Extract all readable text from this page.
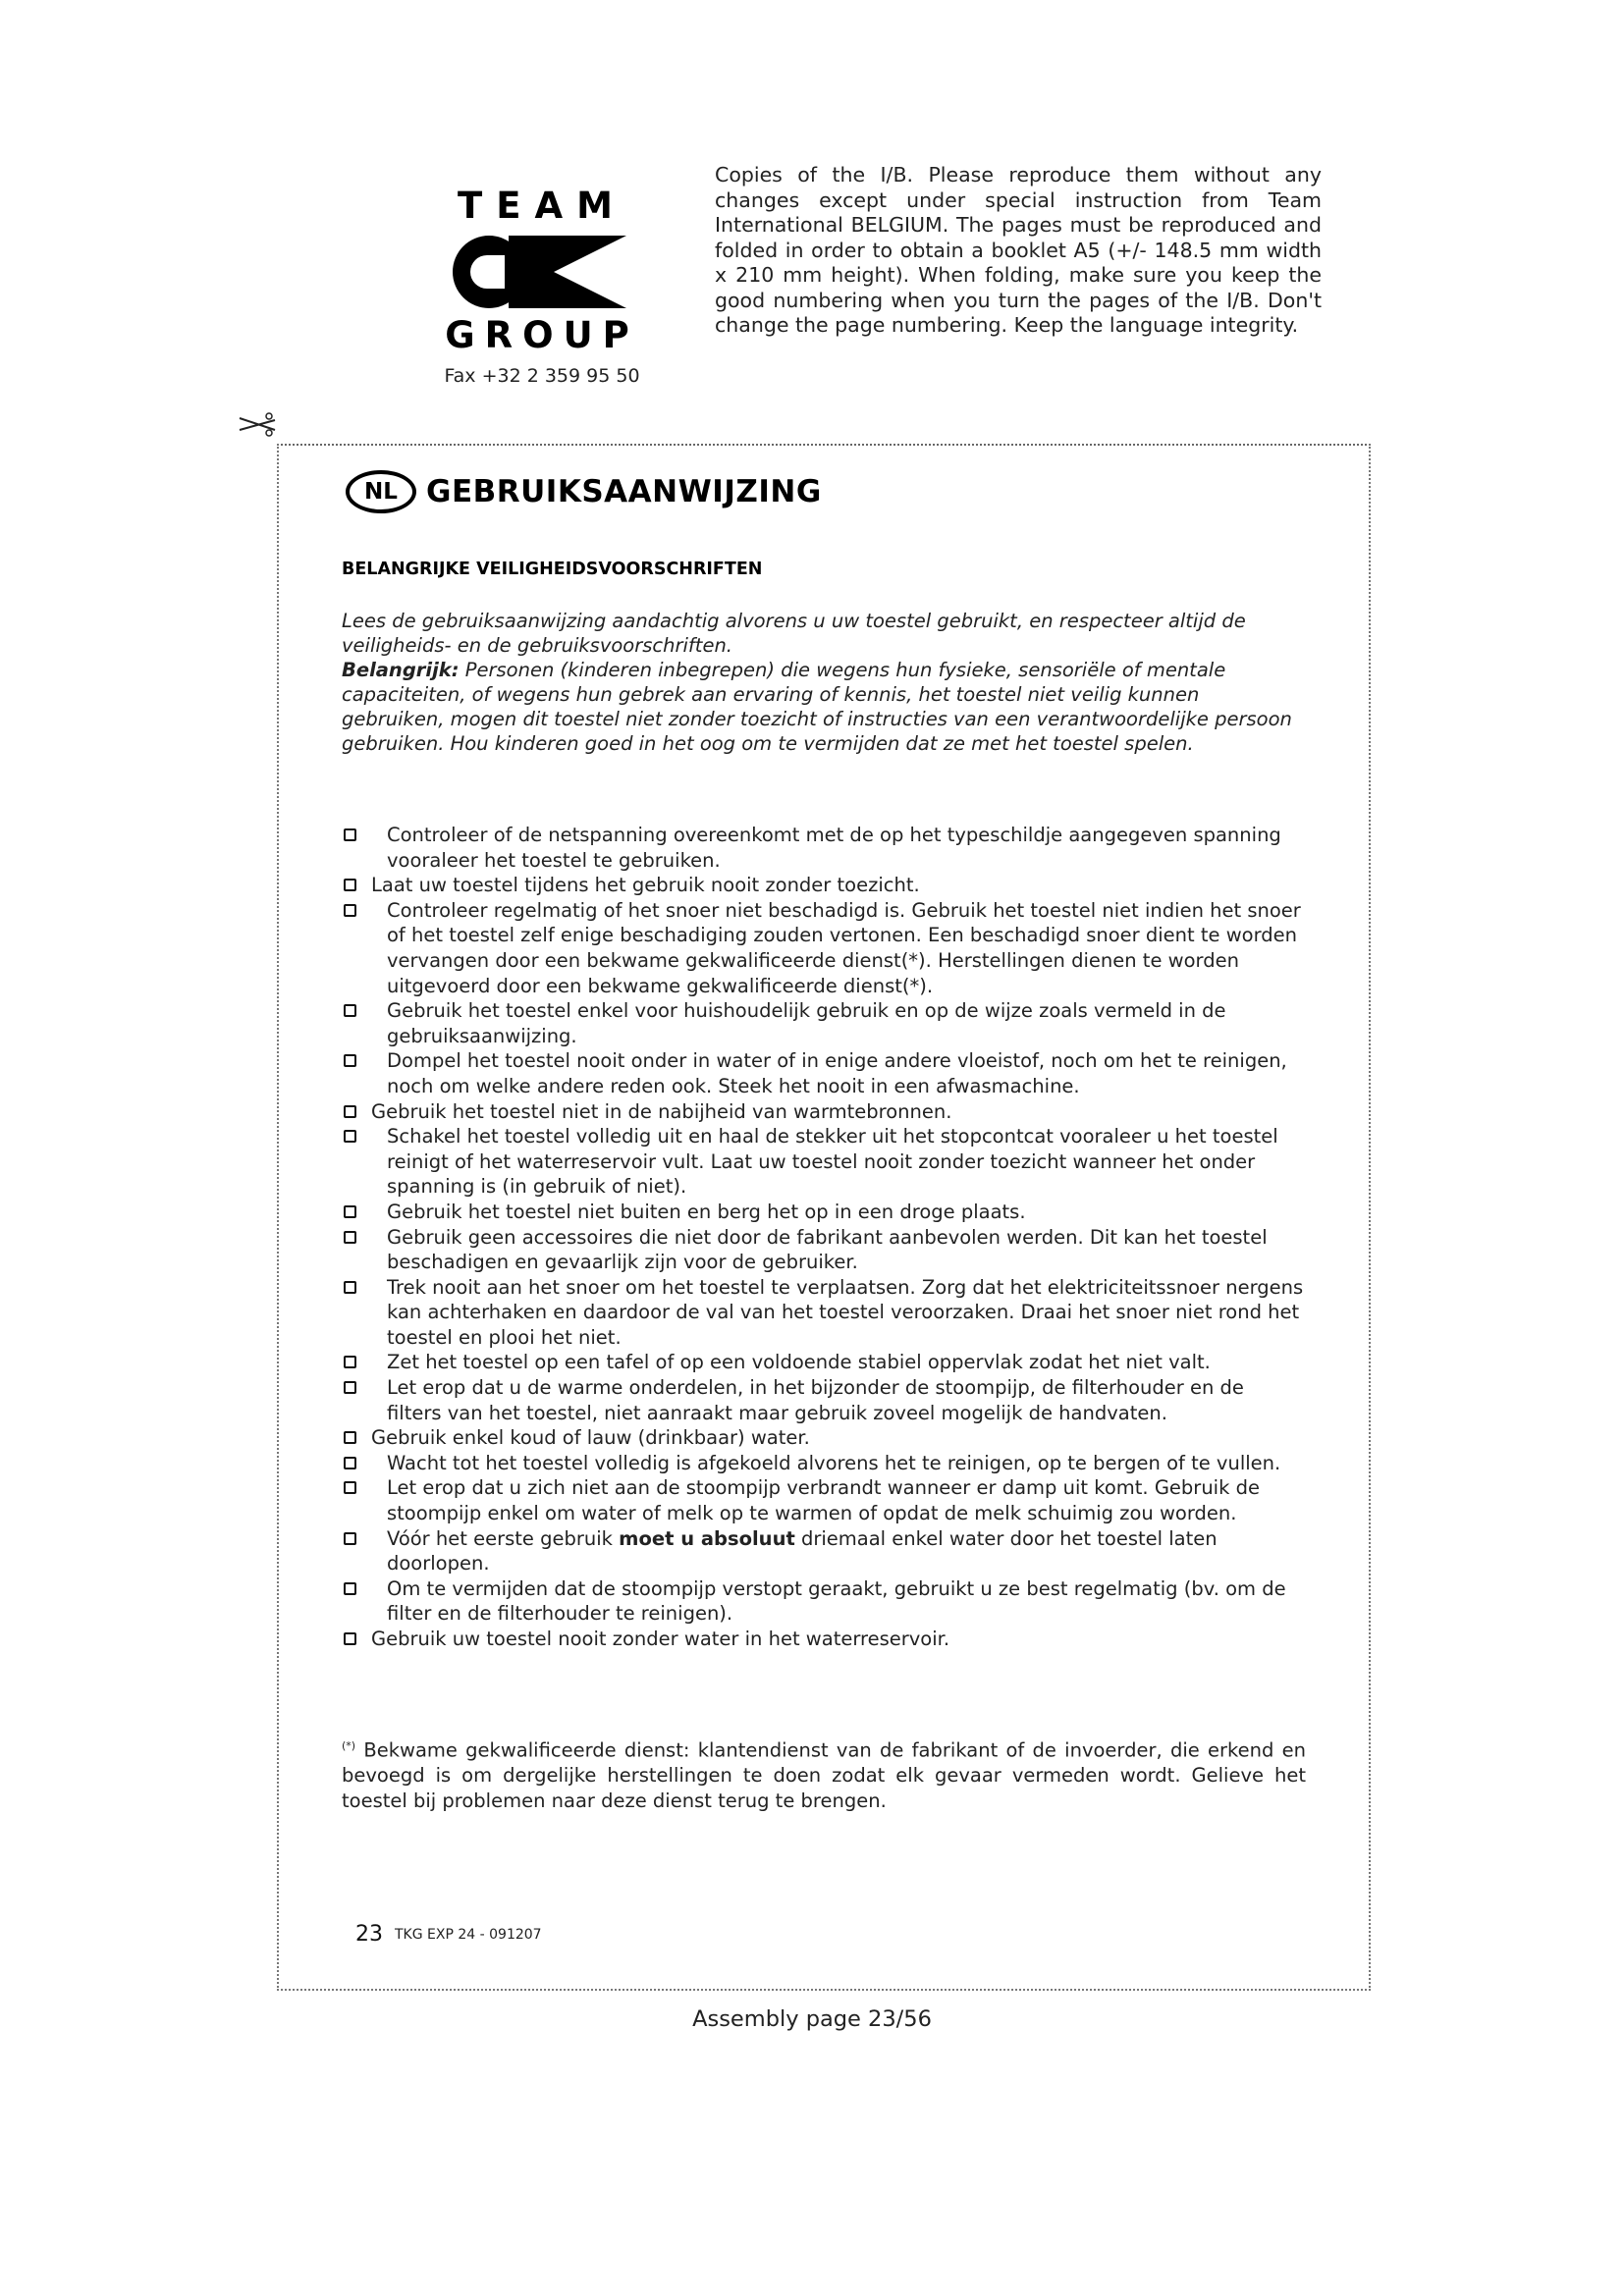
TEAM
GROUP
Fax +32 2 359 95 50
Copies of the I/B. Please reproduce them without any changes except under special instruction from Team International BELGIUM. The pages must be reproduced and folded in order to obtain a booklet A5 (+/- 148.5 mm width x 210 mm height). When folding, make sure you keep the good numbering when you turn the pages of the I/B. Don't change the page numbering. Keep the language integrity.
NL GEBRUIKSAANWIJZING
BELANGRIJKE VEILIGHEIDSVOORSCHRIFTEN
Lees de gebruiksaanwijzing aandachtig alvorens u uw toestel gebruikt, en respecteer altijd de veiligheids- en de gebruiksvoorschriften.
Belangrijk: Personen (kinderen inbegrepen) die wegens hun fysieke, sensoriële of mentale capaciteiten, of wegens hun gebrek aan ervaring of kennis, het toestel niet veilig kunnen gebruiken, mogen dit toestel niet zonder toezicht of instructies van een verantwoordelijke persoon gebruiken. Hou kinderen goed in het oog om te vermijden dat ze met het toestel spelen.
Controleer of de netspanning overeenkomt met de op het typeschildje aangegeven spanning vooraleer het toestel te gebruiken.
Laat uw toestel tijdens het gebruik nooit zonder toezicht.
Controleer regelmatig of het snoer niet beschadigd is. Gebruik het toestel niet indien het snoer of het toestel zelf enige beschadiging zouden vertonen. Een beschadigd snoer dient te worden vervangen door een bekwame gekwalificeerde dienst(*). Herstellingen dienen te worden uitgevoerd door een bekwame gekwalificeerde dienst(*).
Gebruik het toestel enkel voor huishoudelijk gebruik en op de wijze zoals vermeld in de gebruiksaanwijzing.
Dompel het toestel nooit onder in water of in enige andere vloeistof, noch om het te reinigen, noch om welke andere reden ook. Steek het nooit in een afwasmachine.
Gebruik het toestel niet in de nabijheid van warmtebronnen.
Schakel het toestel volledig uit en haal de stekker uit het stopcontcat vooraleer u het toestel reinigt of het waterreservoir vult. Laat uw toestel nooit zonder toezicht wanneer het onder spanning is (in gebruik of niet).
Gebruik het toestel niet buiten en berg het op in een droge plaats.
Gebruik geen accessoires die niet door de fabrikant aanbevolen werden. Dit kan het toestel beschadigen en gevaarlijk zijn voor de gebruiker.
Trek nooit aan het snoer om het toestel te verplaatsen. Zorg dat het elektriciteitssnoer nergens kan achterhaken en daardoor de val van het toestel veroorzaken. Draai het snoer niet rond het toestel en plooi het niet.
Zet het toestel op een tafel of op een voldoende stabiel oppervlak zodat het niet valt.
Let erop dat u de warme onderdelen, in het bijzonder de stoompijp, de filterhouder en de filters van het toestel, niet aanraakt maar gebruik zoveel mogelijk de handvaten.
Gebruik enkel koud of lauw (drinkbaar) water.
Wacht tot het toestel volledig is afgekoeld alvorens het te reinigen, op te bergen of te vullen.
Let erop dat u zich niet aan de stoompijp verbrandt wanneer er damp uit komt. Gebruik de stoompijp enkel om water of melk op te warmen of opdat de melk schuimig zou worden.
Vóór het eerste gebruik moet u absoluut driemaal enkel water door het toestel laten doorlopen.
Om te vermijden dat de stoompijp verstopt geraakt, gebruikt u ze best regelmatig (bv. om de filter en de filterhouder te reinigen).
Gebruik uw toestel nooit zonder water in het waterreservoir.
(*) Bekwame gekwalificeerde dienst: klantendienst van de fabrikant of de invoerder, die erkend en bevoegd is om dergelijke herstellingen te doen zodat elk gevaar vermeden wordt. Gelieve het toestel bij problemen naar deze dienst terug te brengen.
23 TKG EXP 24 - 091207
Assembly page 23/56
